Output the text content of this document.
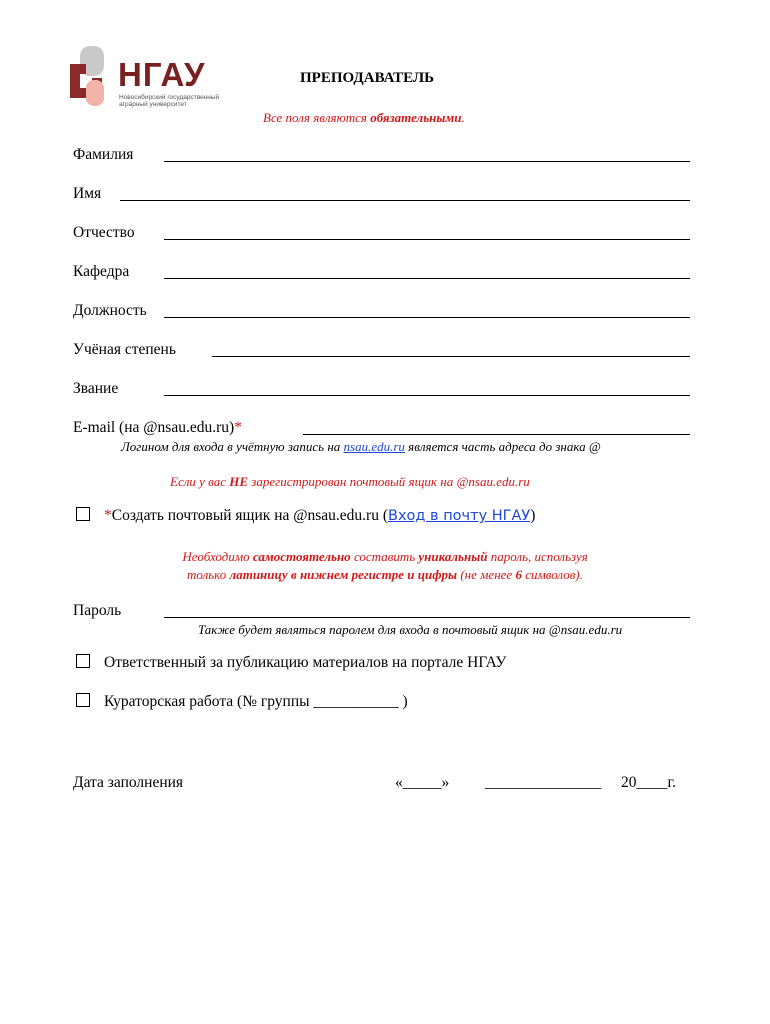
НГАУ
Новосибирский государственный аграрный университет
ПРЕПОДАВАТЕЛЬ
Все поля являются обязательными.
Фамилия
Имя
Отчество
Кафедра
Должность
Учёная степень
Звание
E-mail (на @nsau.edu.ru)*
Логином для входа в учётную запись на nsau.edu.ru является часть адреса до знака @
Если у вас НЕ зарегистрирован почтовый ящик на @nsau.edu.ru
*Создать почтовый ящик на @nsau.edu.ru (Вход в почту НГАУ)
Необходимо самостоятельно составить уникальный пароль, используя
только латиницу в нижнем регистре и цифры (не менее 6 символов).
Пароль
Также будет являться паролем для входа в почтовый ящик на @nsau.edu.ru
Ответственный за публикацию материалов на портале НГАУ
Кураторская работа (№ группы ___________ )
Дата заполнения	«_____» _______________ 20____г.
